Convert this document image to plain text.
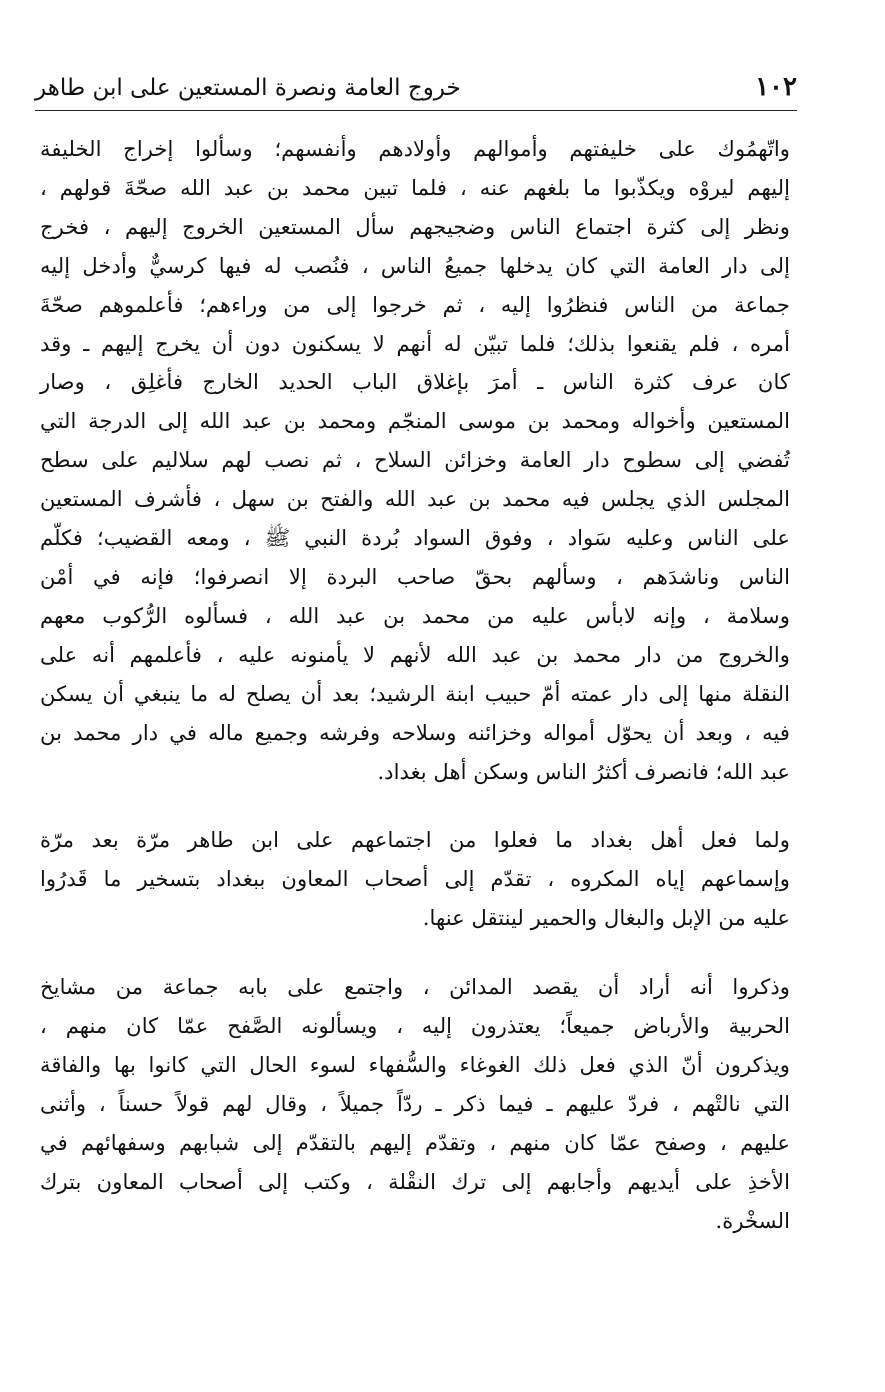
١٠٢
خروج العامة ونصرة المستعين على ابن طاهر
واتّهمُوك على خليفتهم وأموالهم وأولادهم وأنفسهم؛ وسألوا إخراج الخليفة
إليهم ليروْه ويكذّبوا ما بلغهم عنه ، فلما تبين محمد بن عبد الله صحّةَ قولهم ،
ونظر إلى كثرة اجتماع الناس وضجيجهم سأل المستعين الخروج إليهم ، فخرج
إلى دار العامة التي كان يدخلها جميعُ الناس ، فنُصب له فيها كرسيٌّ وأدخل إليه
جماعة من الناس فنظرُوا إليه ، ثم خرجوا إلى من وراءهم؛ فأعلموهم صحّةَ
أمره ، فلم يقنعوا بذلك؛ فلما تبيّن له أنهم لا يسكنون دون أن يخرج إليهم ـ وقد
كان عرف كثرة الناس ـ أمرَ بإغلاق الباب الحديد الخارج فأغلِق ، وصار
المستعين وأخواله ومحمد بن موسى المنجّم ومحمد بن عبد الله إلى الدرجة التي
تُفضي إلى سطوح دار العامة وخزائن السلاح ، ثم نصب لهم سلاليم على سطح
المجلس الذي يجلس فيه محمد بن عبد الله والفتح بن سهل ، فأشرف المستعين
على الناس وعليه سَواد ، وفوق السواد بُردة النبي ﷺ ، ومعه القضيب؛ فكلّم
الناس وناشدَهم ، وسألهم بحقّ صاحب البردة إلا انصرفوا؛ فإنه في أمْن
وسلامة ، وإنه لابأس عليه من محمد بن عبد الله ، فسألوه الرُّكوب معهم
والخروج من دار محمد بن عبد الله لأنهم لا يأمنونه عليه ، فأعلمهم أنه على
النقلة منها إلى دار عمته أمّ حبيب ابنة الرشيد؛ بعد أن يصلح له ما ينبغي أن يسكن
فيه ، وبعد أن يحوّل أمواله وخزائنه وسلاحه وفرشه وجميع ماله في دار محمد بن
عبد الله؛ فانصرف أكثرُ الناس وسكن أهل بغداد.
ولما فعل أهل بغداد ما فعلوا من اجتماعهم على ابن طاهر مرّة بعد مرّة
وإسماعهم إياه المكروه ، تقدّم إلى أصحاب المعاون ببغداد بتسخير ما قَدرُوا
عليه من الإبل والبغال والحمير لينتقل عنها.
وذكروا أنه أراد أن يقصد المدائن ، واجتمع على بابه جماعة من مشايخ
الحربية والأرباض جميعاً؛ يعتذرون إليه ، ويسألونه الصَّفح عمّا كان منهم ،
ويذكرون أنّ الذي فعل ذلك الغوغاء والسُّفهاء لسوء الحال التي كانوا بها والفاقة
التي نالتْهم ، فردّ عليهم ـ فيما ذكر ـ ردّاً جميلاً ، وقال لهم قولاً حسناً ، وأثنى
عليهم ، وصفح عمّا كان منهم ، وتقدّم إليهم بالتقدّم إلى شبابهم وسفهائهم في
الأخذِ على أيديهم وأجابهم إلى ترك النقْلة ، وكتب إلى أصحاب المعاون بترك
السخْرة.
